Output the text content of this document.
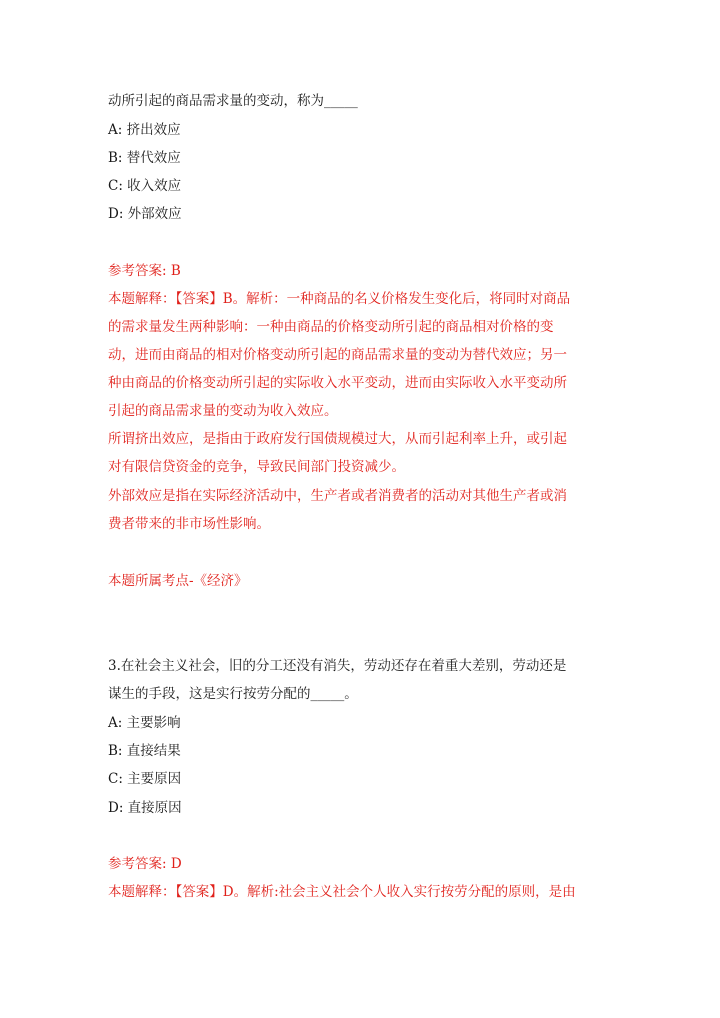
动所引起的商品需求量的变动，称为_____
A: 挤出效应
B: 替代效应
C: 收入效应
D: 外部效应
参考答案: B
本题解释：【答案】B。解析：一种商品的名义价格发生变化后，将同时对商品
的需求量发生两种影响：一种由商品的价格变动所引起的商品相对价格的变
动，进而由商品的相对价格变动所引起的商品需求量的变动为替代效应；另一
种由商品的价格变动所引起的实际收入水平变动，进而由实际收入水平变动所
引起的商品需求量的变动为收入效应。
所谓挤出效应，是指由于政府发行国债规模过大，从而引起利率上升，或引起
对有限信贷资金的竞争，导致民间部门投资减少。
外部效应是指在实际经济活动中，生产者或者消费者的活动对其他生产者或消
费者带来的非市场性影响。
本题所属考点-《经济》
3.在社会主义社会，旧的分工还没有消失，劳动还存在着重大差别，劳动还是
谋生的手段，这是实行按劳分配的_____。
A: 主要影响
B: 直接结果
C: 主要原因
D: 直接原因
参考答案: D
本题解释：【答案】D。解析:社会主义社会个人收入实行按劳分配的原则，是由
